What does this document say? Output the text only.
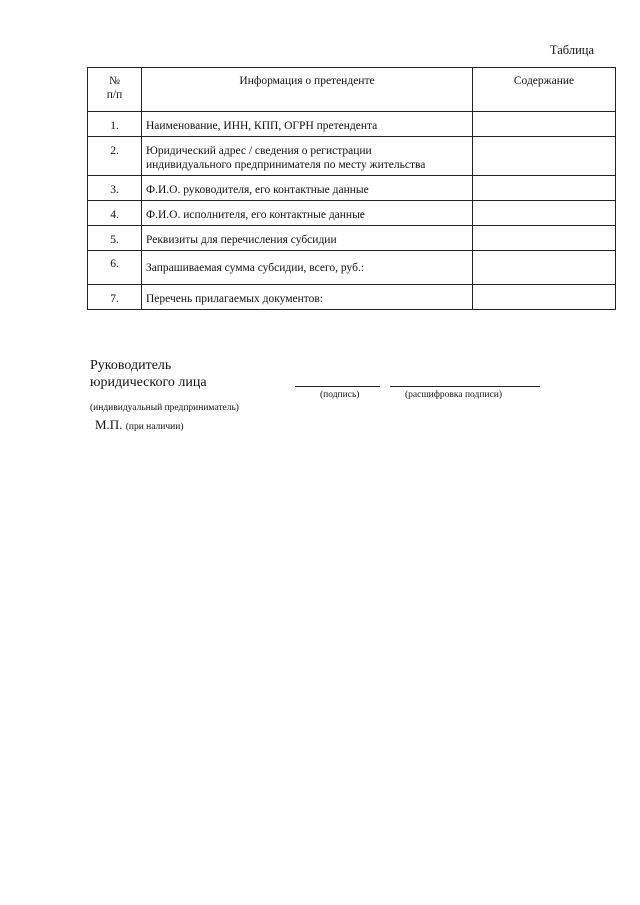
Таблица
№
п/п	Информация о претенденте	Содержание
1.	Наименование, ИНН, КПП, ОГРН претендента	
2.	Юридический адрес / сведения о регистрации
индивидуального предпринимателя по месту жительства	
3.	Ф.И.О. руководителя, его контактные данные	
4.	Ф.И.О. исполнителя, его контактные данные	
5.	Реквизиты для перечисления субсидии	
6.	Запрашиваемая сумма субсидии, всего, руб.:	
7.	Перечень прилагаемых документов:	
Руководитель
юридического лица
(подпись)	(расшифровка подписи)
(индивидуальный предприниматель)
М.П. (при наличии)
